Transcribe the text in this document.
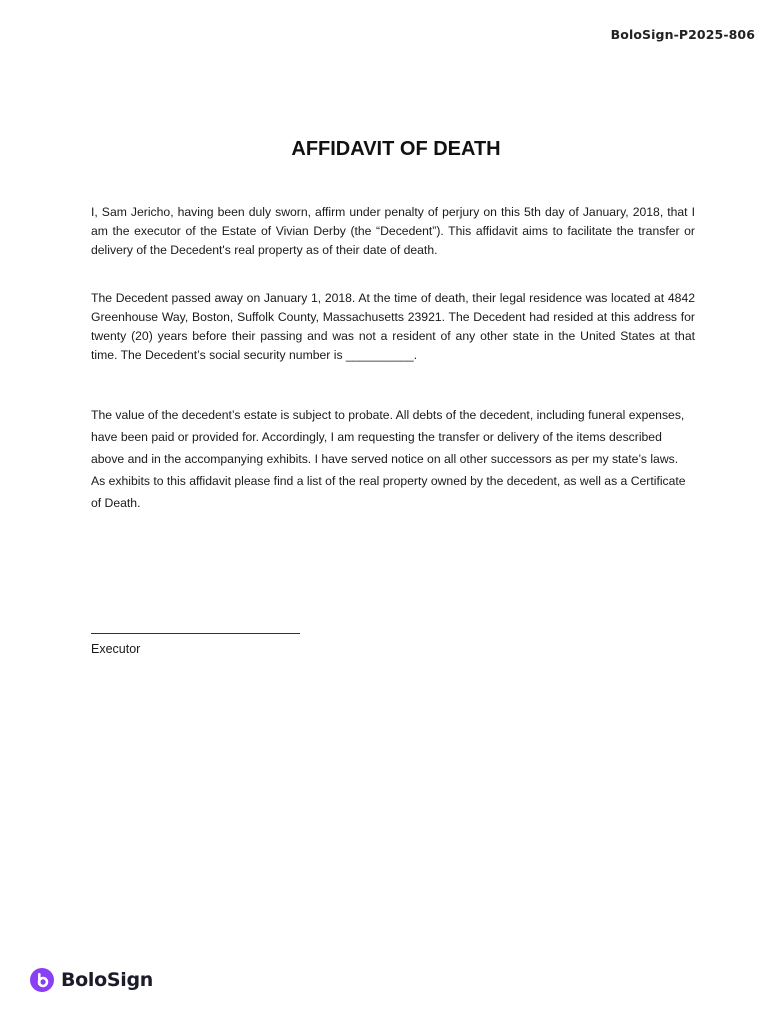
BoloSign-P2025-806
AFFIDAVIT OF DEATH

I, Sam Jericho, having been duly sworn, affirm under penalty of perjury on this 5th day of January, 2018, that I am the executor of the Estate of Vivian Derby (the “Decedent”). This affidavit aims to facilitate the transfer or delivery of the Decedent's real property as of their date of death.

The Decedent passed away on January 1, 2018. At the time of death, their legal residence was located at 4842 Greenhouse Way, Boston, Suffolk County, Massachusetts 23921. The Decedent had resided at this address for twenty (20) years before their passing and was not a resident of any other state in the United States at that time. The Decedent’s social security number is __________.

The value of the decedent’s estate is subject to probate. All debts of the decedent, including funeral expenses, have been paid or provided for. Accordingly, I am requesting the transfer or delivery of the items described above and in the accompanying exhibits. I have served notice on all other successors as per my state’s laws. As exhibits to this affidavit please find a list of the real property owned by the decedent, as well as a Certificate of Death.

Executor
BoloSign
